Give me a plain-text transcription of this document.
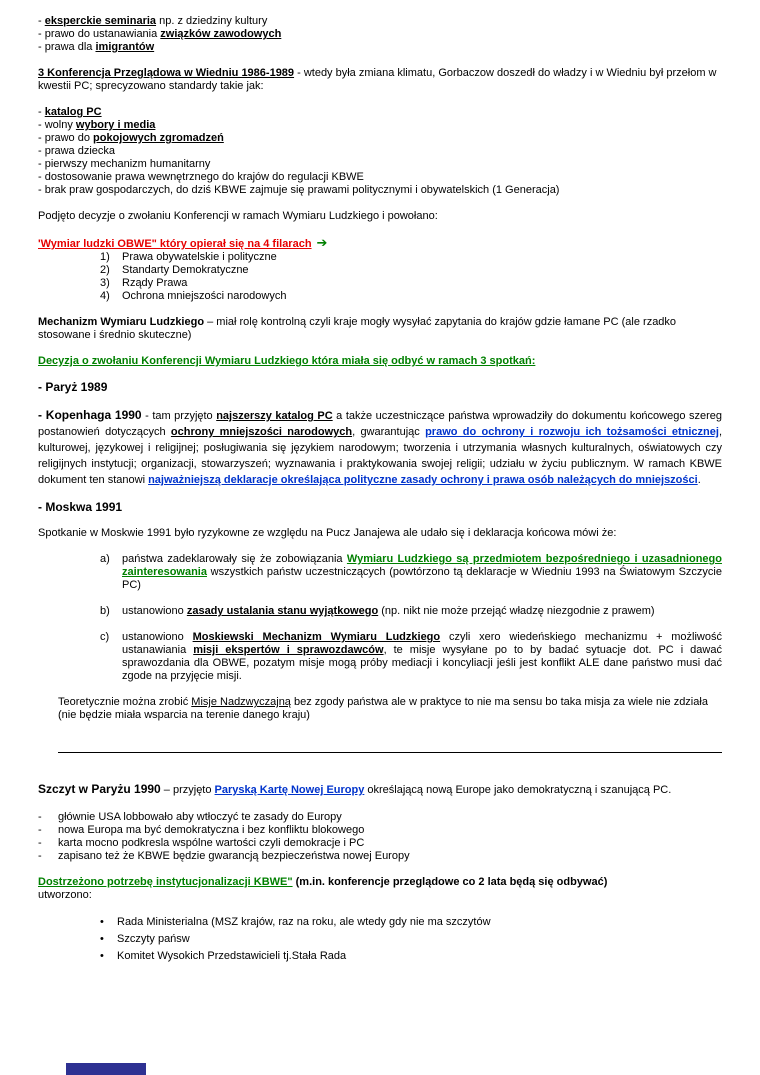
- eksperckie seminaria np. z dziedziny kultury
- prawo do ustanawiania związków zawodowych
- prawa dla imigrantów

3 Konferencja Przeglądowa w Wiedniu 1986-1989 - wtedy była zmiana klimatu, Gorbaczow doszedł do władzy i w Wiedniu był przełom w kwestii PC; sprecyzowano standardy takie jak:

- katalog PC
- wolny wybory i media
- prawo do pokojowych zgromadzeń
- prawa dziecka
- pierwszy mechanizm humanitarny
- dostosowanie prawa wewnętrznego do krajów do regulacji KBWE
- brak praw gospodarczych, do dziś KBWE zajmuje się prawami politycznymi i obywatelskich (1 Generacja)

Podjęto decyzje o zwołaniu Konferencji w ramach Wymiaru Ludzkiego i powołano:

'Wymiar ludzki OBWE" który opierał się na 4 filarach ➔

1)	Prawa obywatelskie i polityczne
2)	Standarty Demokratyczne
3)	Rządy Prawa
4)	Ochrona mniejszości narodowych

Mechanizm Wymiaru Ludzkiego – miał rolę kontrolną czyli kraje mogły wysyłać zapytania do krajów gdzie łamane PC (ale rzadko stosowane i średnio skuteczne)

Decyzja o zwołaniu Konferencji Wymiaru Ludzkiego która miała się odbyć w ramach 3 spotkań:

- Paryż 1989

- Kopenhaga 1990 - tam przyjęto najszerszy katalog PC a także uczestniczące państwa wprowadziły do dokumentu końcowego szereg postanowień dotyczących ochrony mniejszości narodowych, gwarantując prawo do ochrony i rozwoju ich tożsamości etnicznej, kulturowej, językowej i religijnej; posługiwania się językiem narodowym; tworzenia i utrzymania własnych kulturalnych, oświatowych czy religijnych instytucji; organizacji, stowarzyszeń; wyznawania i praktykowania swojej religii; udziału w życiu publicznym. W ramach KBWE dokument ten stanowi najważniejszą deklaracje określająca polityczne zasady ochrony i prawa osób należących do mniejszości.

- Moskwa 1991

Spotkanie w Moskwie 1991 było ryzykowne ze względu na Pucz Janajewa ale udało się i deklaracja końcowa mówi że:

a)	państwa zadeklarowały się że zobowiązania Wymiaru Ludzkiego są przedmiotem bezpośredniego i uzasadnionego zainteresowania wszystkich państw uczestniczących (powtórzono tą deklaracje w Wiedniu 1993 na Światowym Szczycie PC)
b)	ustanowiono zasady ustalania stanu wyjątkowego (np. nikt nie może przejąć władzę niezgodnie z prawem)
c)	ustanowiono Moskiewski Mechanizm Wymiaru Ludzkiego czyli xero wiedeńskiego mechanizmu + możliwość ustanawiania misji ekspertów i sprawozdawców, te misje wysyłane po to by badać sytuacje dot. PC i dawać sprawozdania dla OBWE, pozatym misje mogą próby mediacji i koncyliacji jeśli jest konflikt ALE dane państwo musi dać zgode na przyjęcie misji.

Teoretycznie można zrobić Misje Nadzwyczajną bez zgody państwa ale w praktyce to nie ma sensu bo taka misja za wiele nie zdziała (nie będzie miała wsparcia na terenie danego kraju)

Szczyt w Paryżu 1990 – przyjęto Paryską Kartę Nowej Europy określającą nową Europe jako demokratyczną i szanującą PC.

-	głównie USA lobbowało aby wtłoczyć te zasady do Europy
-	nowa Europa ma być demokratyczna i bez konfliktu blokowego
-	karta mocno podkresla wspólne wartości czyli demokracje i PC
-	zapisano też że KBWE będzie gwarancją bezpieczeństwa nowej Europy
Dostrzeżono potrzebę instytucjonalizacji KBWE" (m.in. konferencje przeglądowe co 2 lata będą się odbywać)
utworzono:
•	Rada Ministerialna (MSZ krajów, raz na roku, ale wtedy gdy nie ma szczytów
•	Szczyty pańsw
•	Komitet Wysokich Przedstawicieli tj.Stała Rada
